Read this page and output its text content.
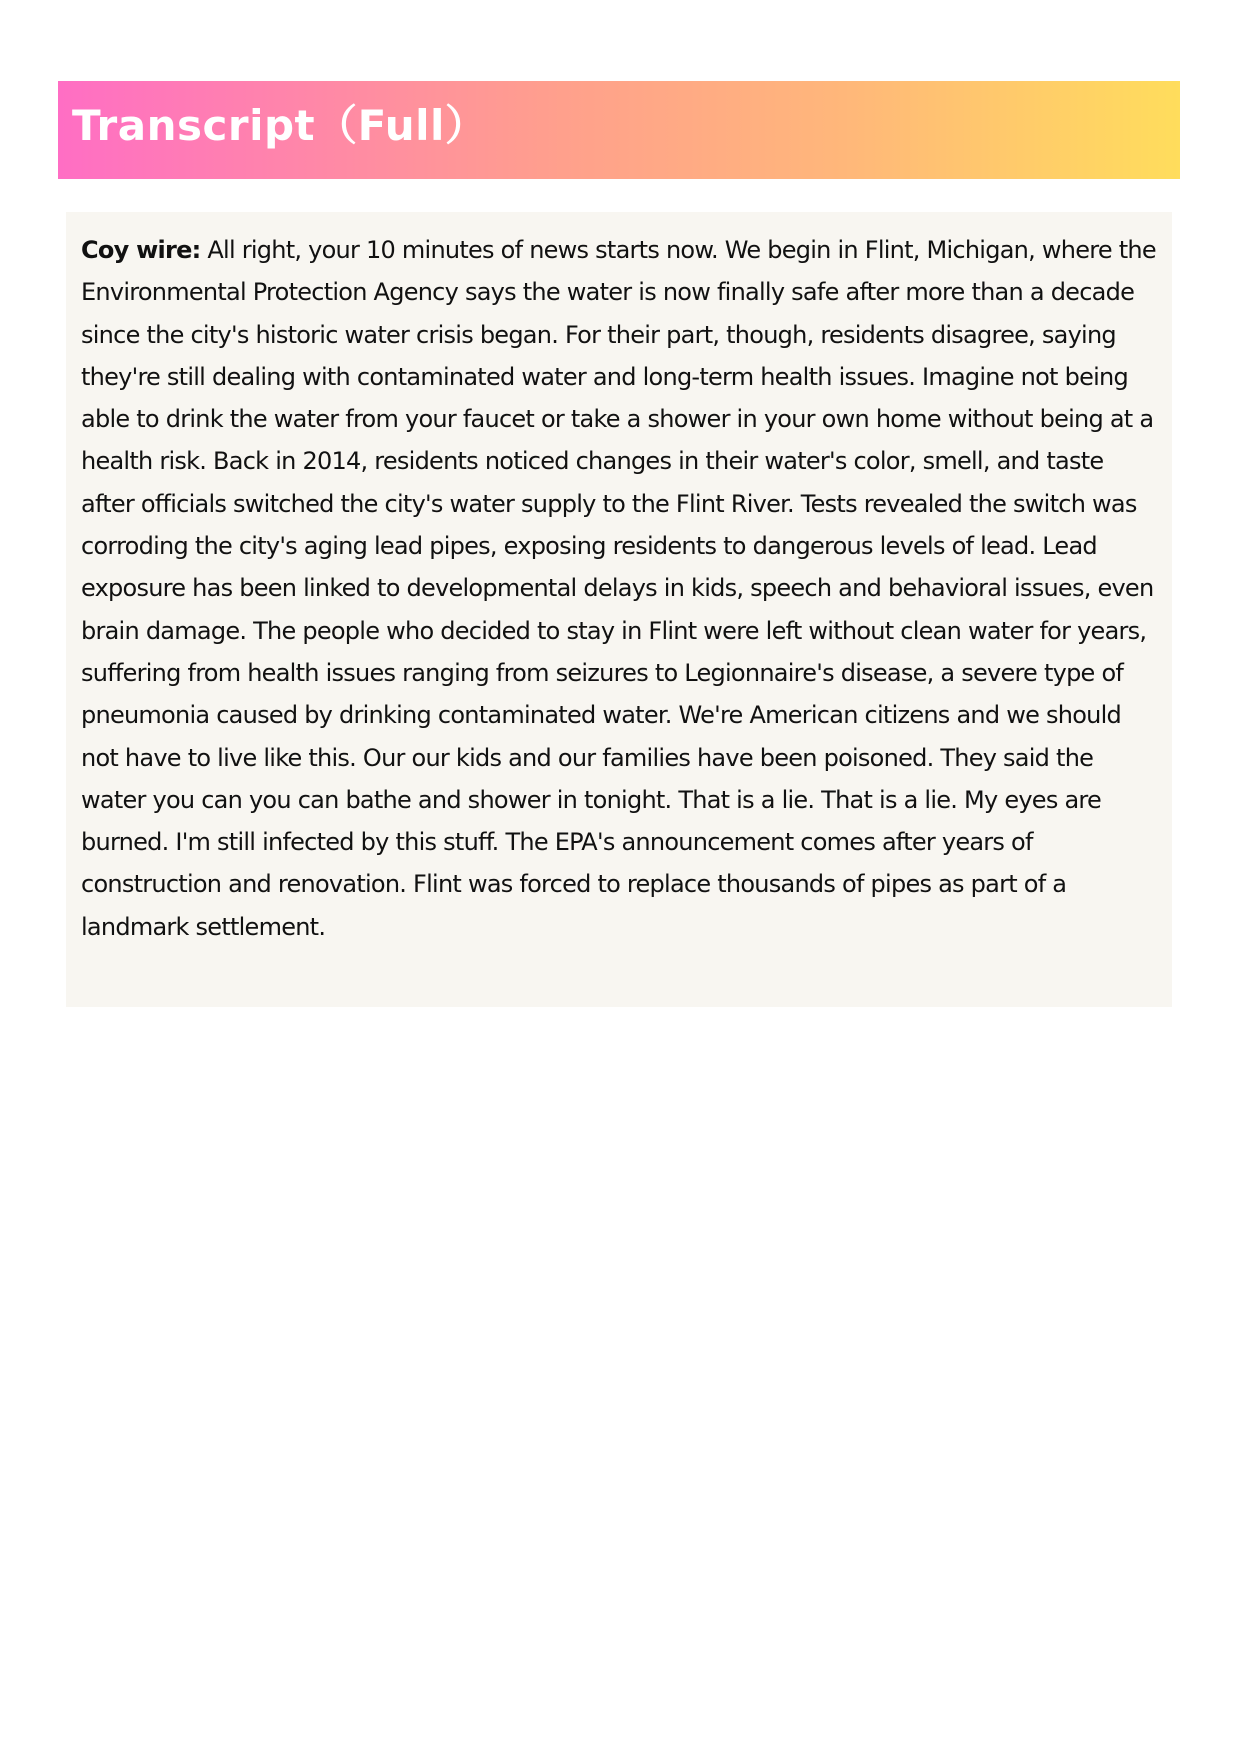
Transcript（Full）

Coy wire: All right, your 10 minutes of news starts now. We begin in Flint, Michigan, where the Environmental Protection Agency says the water is now finally safe after more than a decade since the city's historic water crisis began. For their part, though, residents disagree, saying they're still dealing with contaminated water and long-term health issues. Imagine not being able to drink the water from your faucet or take a shower in your own home without being at a health risk. Back in 2014, residents noticed changes in their water's color, smell, and taste after officials switched the city's water supply to the Flint River. Tests revealed the switch was corroding the city's aging lead pipes, exposing residents to dangerous levels of lead. Lead exposure has been linked to developmental delays in kids, speech and behavioral issues, even brain damage. The people who decided to stay in Flint were left without clean water for years, suffering from health issues ranging from seizures to Legionnaire's disease, a severe type of pneumonia caused by drinking contaminated water. We're American citizens and we should not have to live like this. Our our kids and our families have been poisoned. They said the water you can you can bathe and shower in tonight. That is a lie. That is a lie. My eyes are burned. I'm still infected by this stuff. The EPA's announcement comes after years of construction and renovation. Flint was forced to replace thousands of pipes as part of a landmark settlement.
